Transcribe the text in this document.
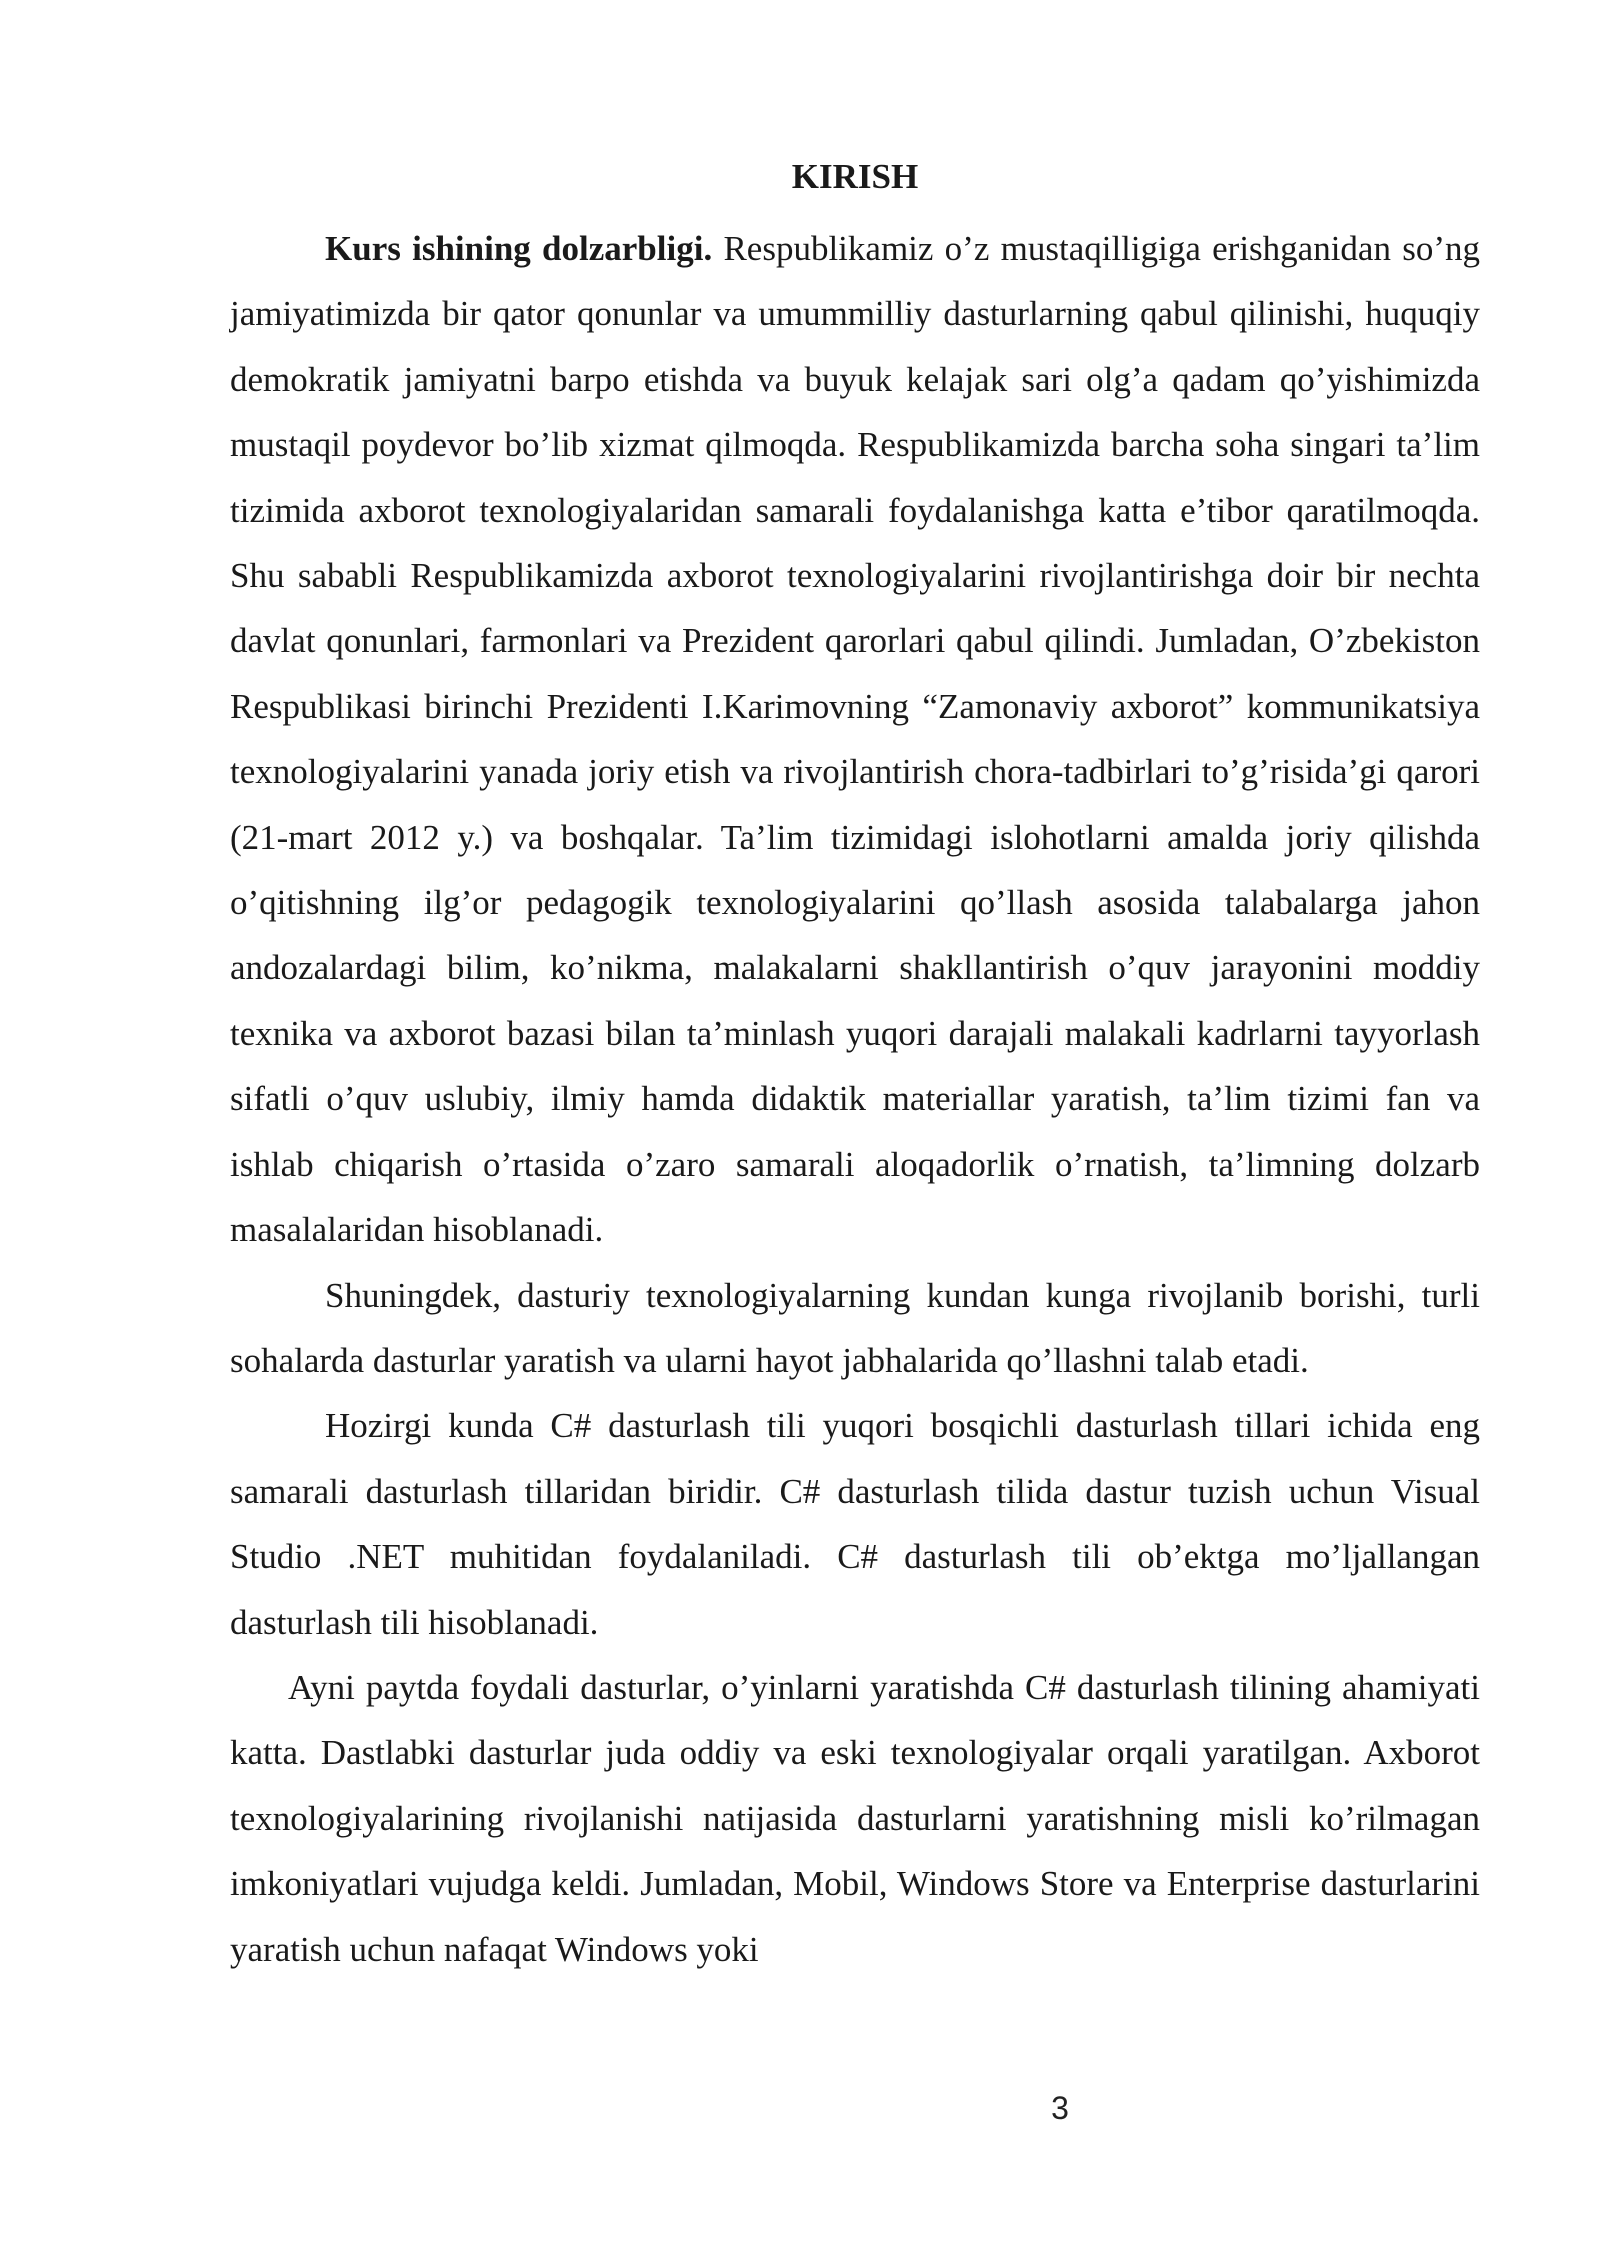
KIRISH

Kurs ishining dolzarbligi. Respublikamiz o’z mustaqilligiga erishganidan so’ng jamiyatimizda bir qator qonunlar va umummilliy dasturlarning qabul qilinishi, huquqiy demokratik jamiyatni barpo etishda va buyuk kelajak sari olg’a qadam qo’yishimizda mustaqil poydevor bo’lib xizmat qilmoqda. Respublikamizda barcha soha singari ta’lim tizimida axborot texnologiyalaridan samarali foydalanishga katta e’tibor qaratilmoqda. Shu sababli Respublikamizda axborot texnologiyalarini rivojlantirishga doir bir nechta davlat qonunlari, farmonlari va Prezident qarorlari qabul qilindi. Jumladan, O’zbekiston Respublikasi birinchi Prezidenti I.Karimovning “Zamonaviy axborot” kommunikatsiya texnologiyalarini yanada joriy etish va rivojlantirish chora-tadbirlari to’g’risida’gi qarori (21-mart 2012 y.) va boshqalar. Ta’lim tizimidagi islohotlarni amalda joriy qilishda o’qitishning ilg’or pedagogik texnologiyalarini qo’llash asosida talabalarga jahon andozalardagi bilim, ko’nikma, malakalarni shakllantirish o’quv jarayonini moddiy texnika va axborot bazasi bilan ta’minlash yuqori darajali malakali kadrlarni tayyorlash sifatli o’quv uslubiy, ilmiy hamda didaktik materiallar yaratish, ta’lim tizimi fan va ishlab chiqarish o’rtasida o’zaro samarali aloqadorlik o’rnatish, ta’limning dolzarb masalalaridan hisoblanadi.

Shuningdek, dasturiy texnologiyalarning kundan kunga rivojlanib borishi, turli sohalarda dasturlar yaratish va ularni hayot jabhalarida qo’llashni talab etadi.

Hozirgi kunda C# dasturlash tili yuqori bosqichli dasturlash tillari ichida eng samarali dasturlash tillaridan biridir. C# dasturlash tilida dastur tuzish uchun Visual Studio .NET muhitidan foydalaniladi. C# dasturlash tili ob’ektga mo’ljallangan dasturlash tili hisoblanadi.

Ayni paytda foydali dasturlar, o’yinlarni yaratishda C# dasturlash tilining ahamiyati katta. Dastlabki dasturlar juda oddiy va eski texnologiyalar orqali yaratilgan. Axborot texnologiyalarining rivojlanishi natijasida dasturlarni yaratishning misli ko’rilmagan imkoniyatlari vujudga keldi. Jumladan, Mobil, Windows Store va Enterprise dasturlarini yaratish uchun nafaqat Windows yoki

3
